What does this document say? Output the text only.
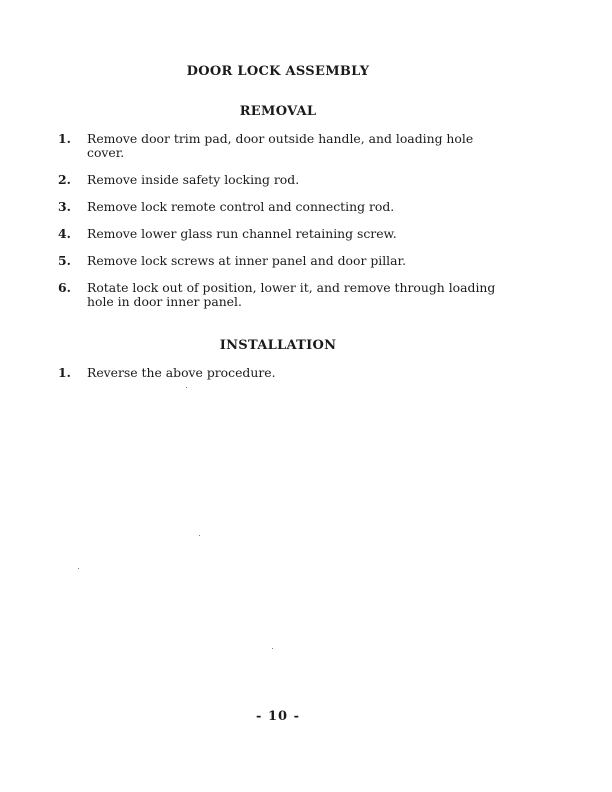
DOOR LOCK ASSEMBLY
REMOVAL
1. Remove door trim pad, door outside handle, and loading hole cover.
2. Remove inside safety locking rod.
3. Remove lock remote control and connecting rod.
4. Remove lower glass run channel retaining screw.
5. Remove lock screws at inner panel and door pillar.
6. Rotate lock out of position, lower it, and remove through loading hole in door inner panel.
INSTALLATION
1. Reverse the above procedure.
- 10 -
